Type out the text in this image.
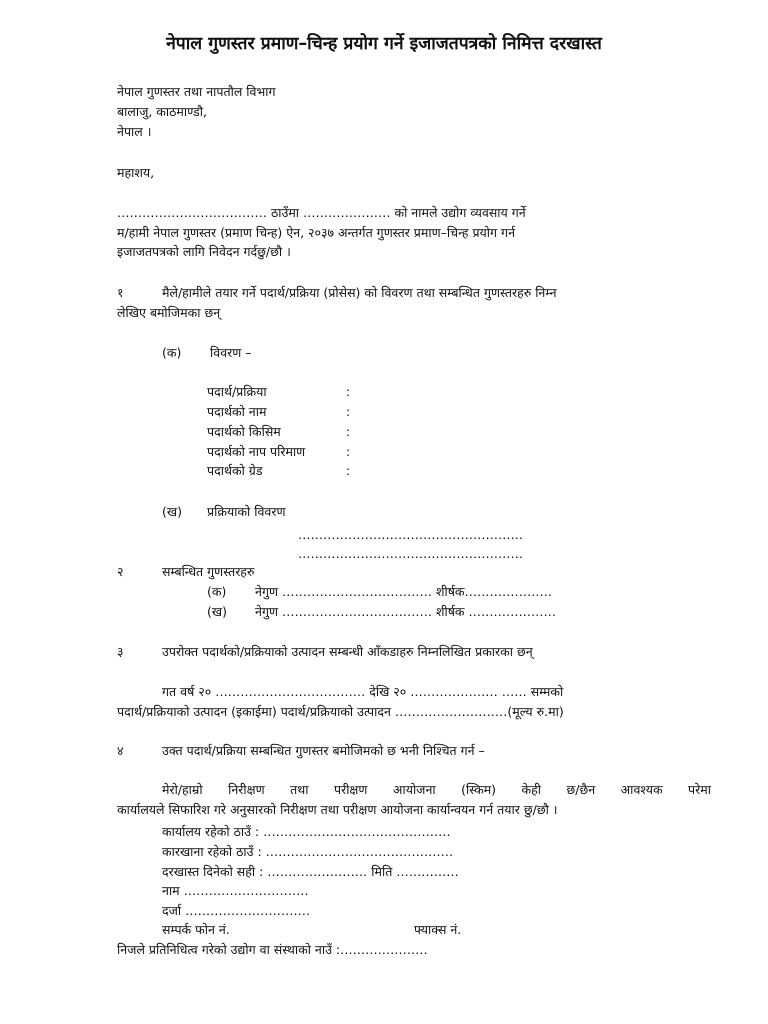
नेपाल गुणस्तर प्रमाण–चिन्ह प्रयोग गर्ने इजाजतपत्रको निमित्त दरखास्त
नेपाल गुणस्तर तथा नापतौल विभाग
बालाजु, काठमाण्डौ,
नेपाल ।
महाशय,
……………………………… ठाउँमा ………………… को नामले उद्योग व्यवसाय गर्ने
म/हामी नेपाल गुणस्तर (प्रमाण चिन्ह) ऐन, २०३७ अन्तर्गत गुणस्तर प्रमाण–चिन्ह प्रयोग गर्न
इजाजतपत्रको लागि निवेदन गर्दछु/छौ ।
१	मैले/हामीले तयार गर्ने पदार्थ/प्रक्रिया (प्रोसेस) को विवरण तथा सम्बन्धित गुणस्तरहरु निम्न
लेखिए बमोजिमका छन्
(क) विवरण –
पदार्थ/प्रक्रिया	:
पदार्थको नाम	:
पदार्थको किसिम	:
पदार्थको नाप परिमाण	:
पदार्थको ग्रेड	:
(ख) प्रक्रियाको विवरण
………………………………………………
………………………………………………
२	सम्बन्धित गुणस्तरहरु
(क) नेगुण ……………………………… शीर्षक…………………
(ख) नेगुण ……………………………… शीर्षक …………………
३	उपरोक्त पदार्थको/प्रक्रियाको उत्पादन सम्बन्धी आँकडाहरु निम्नलिखित प्रकारका छन्
गत वर्ष २० ……………………………… देखि २० ………………… …… सम्मको
पदार्थ/प्रक्रियाको उत्पादन (इकाईमा) पदार्थ/प्रक्रियाको उत्पादन ………………………(मूल्य रु.मा)
४	उक्त पदार्थ/प्रक्रिया सम्बन्धित गुणस्तर बमोजिमको छ भनी निश्चित गर्न –
मेरो/हाम्रो निरीक्षण तथा परीक्षण आयोजना (स्किम) केही छ/छैन आवश्यक परेमा
कार्यालयले सिफारिश गरे अनुसारको निरीक्षण तथा परीक्षण आयोजना कार्यान्वयन गर्न तयार छु/छौ ।
कार्यालय रहेको ठाउँ : ………………………………………
कारखाना रहेको ठाउँ : ………………………………………
दरखास्त दिनेको सही : …………………… मिति ……………
नाम …………………………
दर्जा …………………………
सम्पर्क फोन नं.	फ्याक्स नं.
निजले प्रतिनिधित्व गरेको उद्योग वा संस्थाको नाउँ :…………………
